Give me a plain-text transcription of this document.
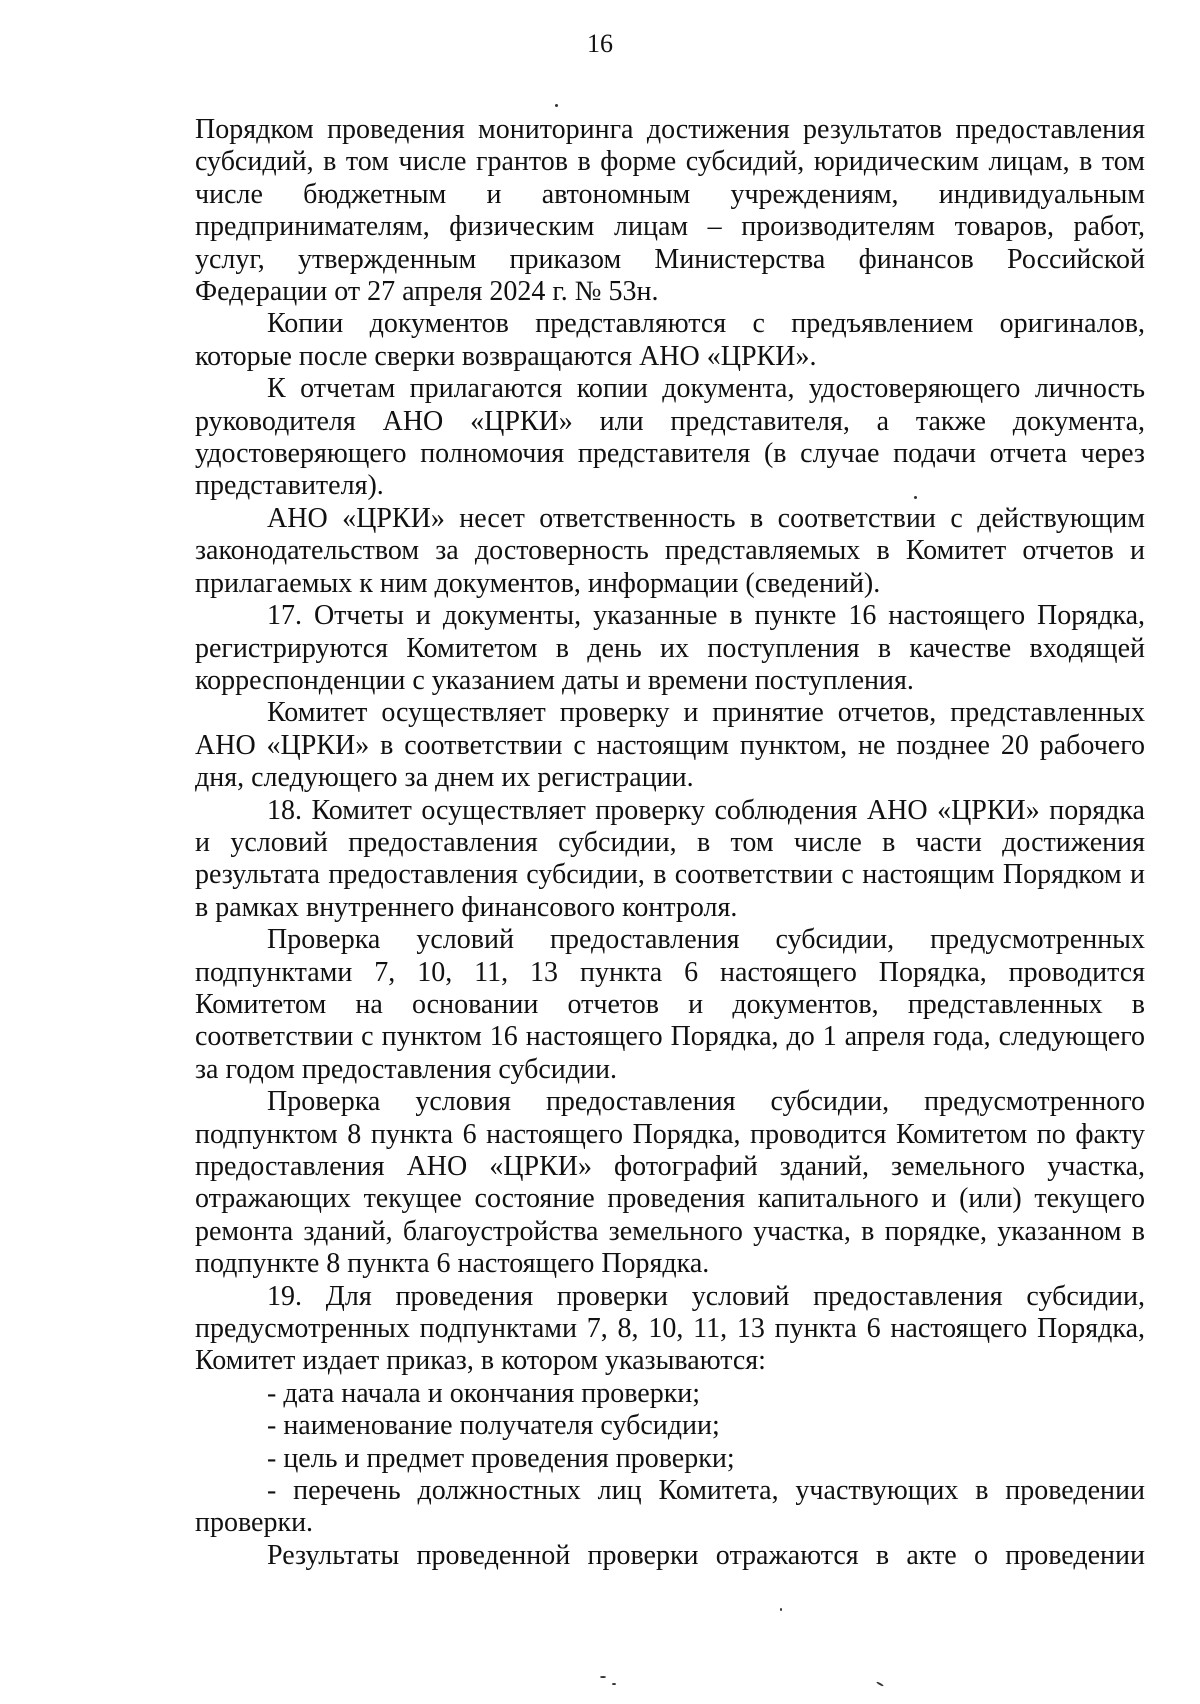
16

Порядком проведения мониторинга достижения результатов предоставления субсидий, в том числе грантов в форме субсидий, юридическим лицам, в том числе бюджетным и автономным учреждениям, индивидуальным предпринимателям, физическим лицам – производителям товаров, работ, услуг, утвержденным приказом Министерства финансов Российской Федерации от 27 апреля 2024 г. № 53н.

Копии документов представляются с предъявлением оригиналов, которые после сверки возвращаются АНО «ЦРКИ».

К отчетам прилагаются копии документа, удостоверяющего личность руководителя АНО «ЦРКИ» или представителя, а также документа, удостоверяющего полномочия представителя (в случае подачи отчета через представителя).

АНО «ЦРКИ» несет ответственность в соответствии с действующим законодательством за достоверность представляемых в Комитет отчетов и прилагаемых к ним документов, информации (сведений).

17. Отчеты и документы, указанные в пункте 16 настоящего Порядка, регистрируются Комитетом в день их поступления в качестве входящей корреспонденции с указанием даты и времени поступления.

Комитет осуществляет проверку и принятие отчетов, представленных АНО «ЦРКИ» в соответствии с настоящим пунктом, не позднее 20 рабочего дня, следующего за днем их регистрации.

18. Комитет осуществляет проверку соблюдения АНО «ЦРКИ» порядка и условий предоставления субсидии, в том числе в части достижения результата предоставления субсидии, в соответствии с настоящим Порядком и в рамках внутреннего финансового контроля.

Проверка условий предоставления субсидии, предусмотренных подпунктами 7, 10, 11, 13 пункта 6 настоящего Порядка, проводится Комитетом на основании отчетов и документов, представленных в соответствии с пунктом 16 настоящего Порядка, до 1 апреля года, следующего за годом предоставления субсидии.

Проверка условия предоставления субсидии, предусмотренного подпунктом 8 пункта 6 настоящего Порядка, проводится Комитетом по факту предоставления АНО «ЦРКИ» фотографий зданий, земельного участка, отражающих текущее состояние проведения капитального и (или) текущего ремонта зданий, благоустройства земельного участка, в порядке, указанном в подпункте 8 пункта 6 настоящего Порядка.

19. Для проведения проверки условий предоставления субсидии, предусмотренных подпунктами 7, 8, 10, 11, 13 пункта 6 настоящего Порядка, Комитет издает приказ, в котором указываются:

- дата начала и окончания проверки;

- наименование получателя субсидии;

- цель и предмет проведения проверки;

- перечень должностных лиц Комитета, участвующих в проведении проверки.

Результаты проведенной проверки отражаются в акте о проведении
